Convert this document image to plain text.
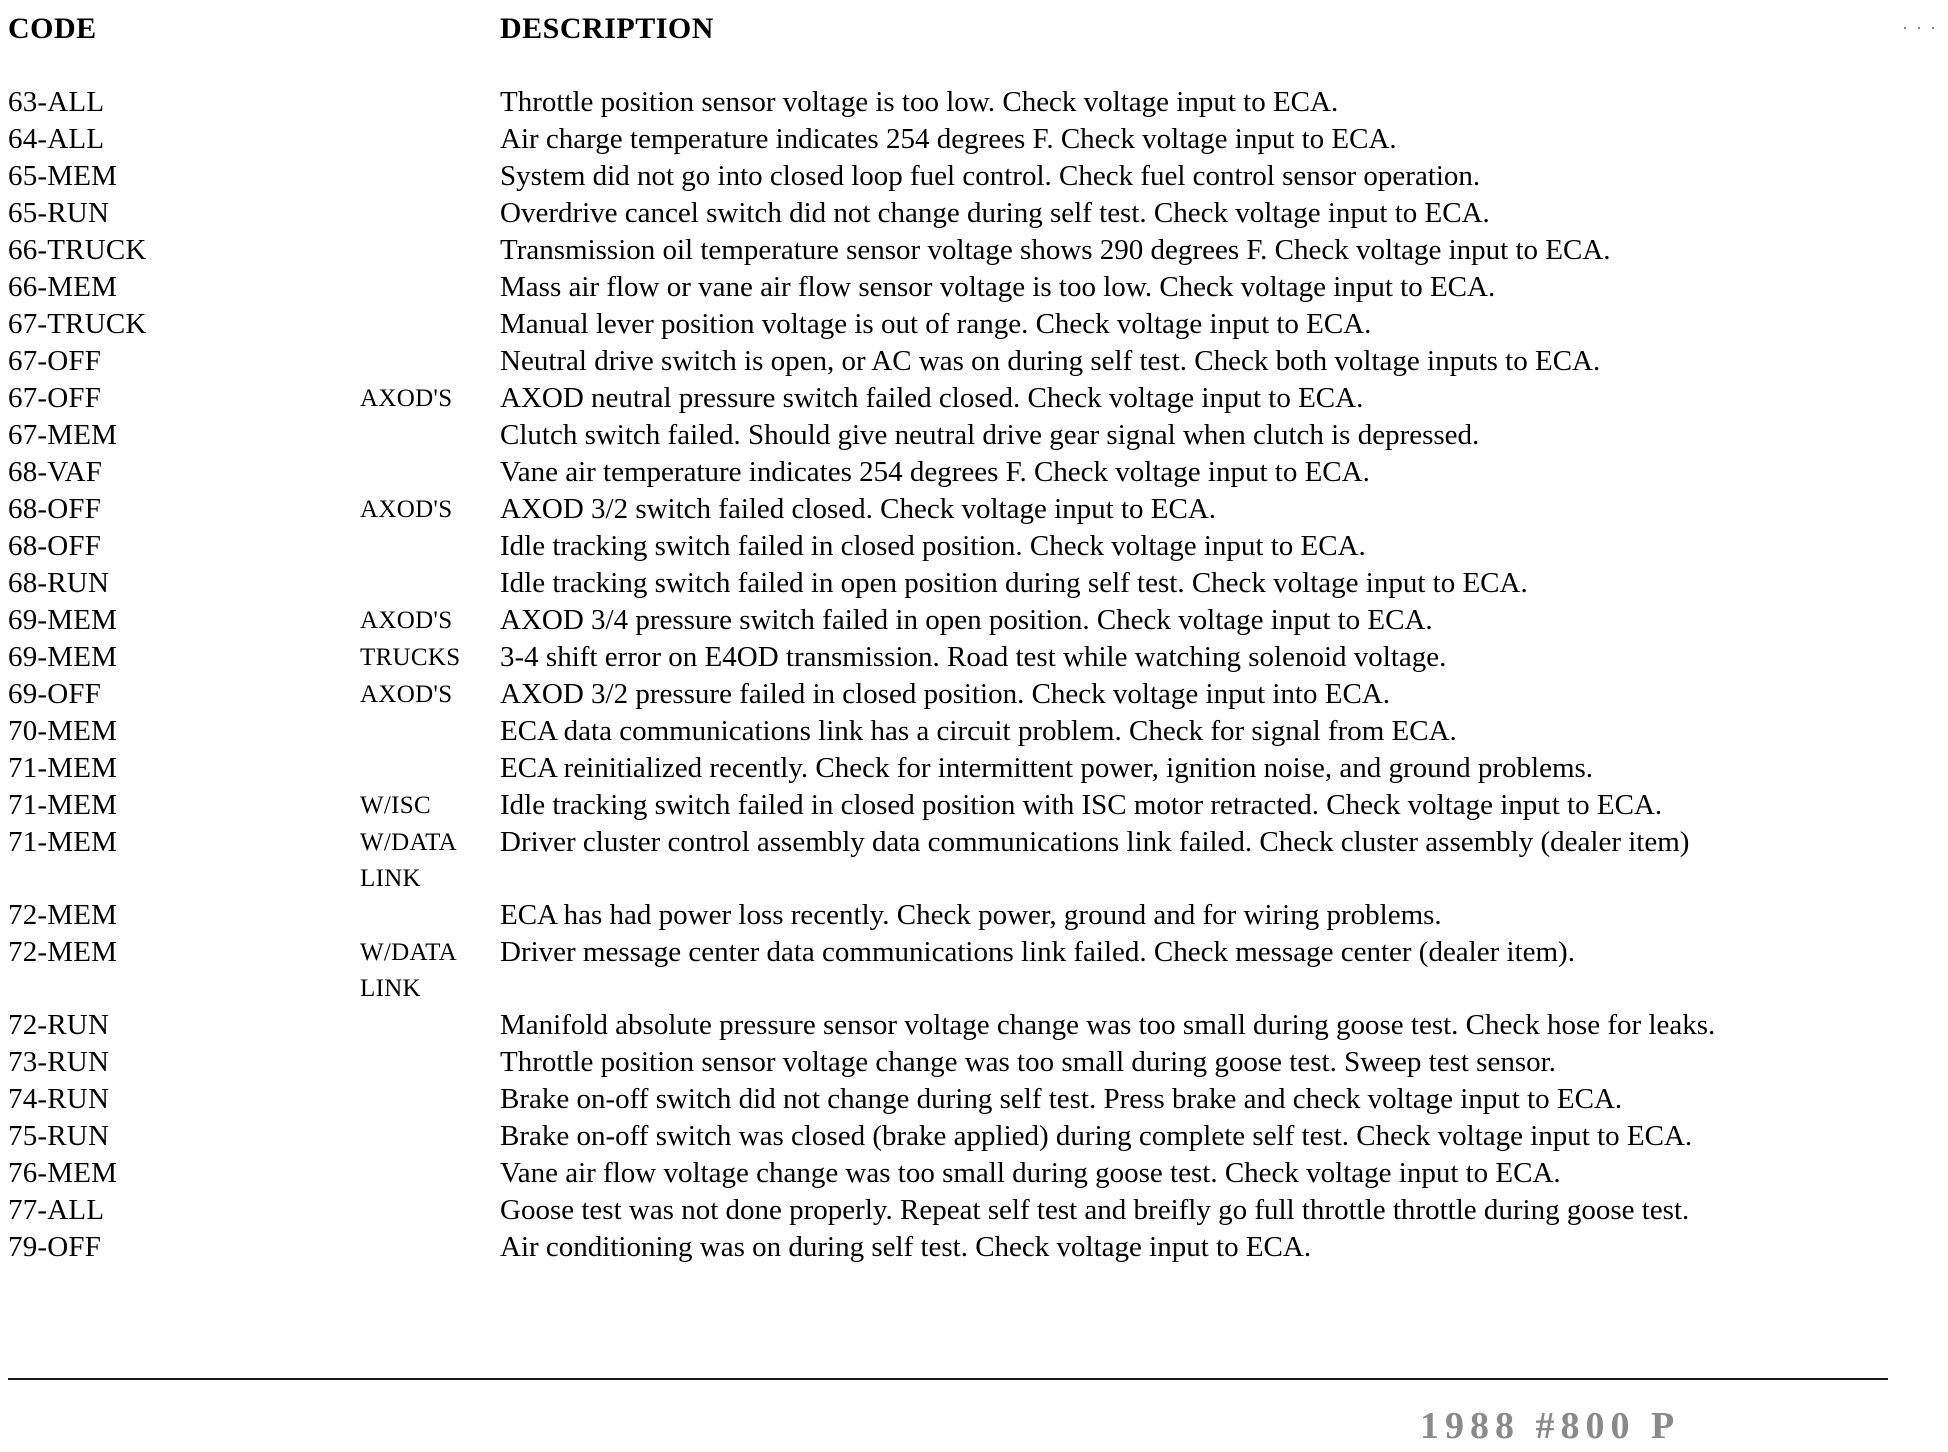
. . .
CODE		DESCRIPTION

63-ALL		Throttle position sensor voltage is too low. Check voltage input to ECA.

64-ALL		Air charge temperature indicates 254 degrees F. Check voltage input to ECA.

65-MEM		System did not go into closed loop fuel control. Check fuel control sensor operation.

65-RUN		Overdrive cancel switch did not change during self test. Check voltage input to ECA.

66-TRUCK		Transmission oil temperature sensor voltage shows 290 degrees F. Check voltage input to ECA.

66-MEM		Mass air flow or vane air flow sensor voltage is too low. Check voltage input to ECA.

67-TRUCK		Manual lever position voltage is out of range. Check voltage input to ECA.

67-OFF		Neutral drive switch is open, or AC was on during self test. Check both voltage inputs to ECA.

67-OFF	AXOD'S	AXOD neutral pressure switch failed closed. Check voltage input to ECA.

67-MEM		Clutch switch failed. Should give neutral drive gear signal when clutch is depressed.

68-VAF		Vane air temperature indicates 254 degrees F. Check voltage input to ECA.

68-OFF	AXOD'S	AXOD 3/2 switch failed closed. Check voltage input to ECA.

68-OFF		Idle tracking switch failed in closed position. Check voltage input to ECA.

68-RUN		Idle tracking switch failed in open position during self test. Check voltage input to ECA.

69-MEM	AXOD'S	AXOD 3/4 pressure switch failed in open position. Check voltage input to ECA.

69-MEM	TRUCKS	3-4 shift error on E4OD transmission. Road test while watching solenoid voltage.

69-OFF	AXOD'S	AXOD 3/2 pressure failed in closed position. Check voltage input into ECA.

70-MEM		ECA data communications link has a circuit problem. Check for signal from ECA.

71-MEM		ECA reinitialized recently. Check for intermittent power, ignition noise, and ground problems.

71-MEM	W/ISC	Idle tracking switch failed in closed position with ISC motor retracted. Check voltage input to ECA.

71-MEM	W/DATA	Driver cluster control assembly data communications link failed. Check cluster assembly (dealer item)

	LINK	
72-MEM		ECA has had power loss recently. Check power, ground and for wiring problems.

72-MEM	W/DATA	Driver message center data communications link failed. Check message center (dealer item).

	LINK	
72-RUN		Manifold absolute pressure sensor voltage change was too small during goose test. Check hose for leaks.

73-RUN		Throttle position sensor voltage change was too small during goose test. Sweep test sensor.

74-RUN		Brake on-off switch did not change during self test. Press brake and check voltage input to ECA.

75-RUN		Brake on-off switch was closed (brake applied) during complete self test. Check voltage input to ECA.

76-MEM		Vane air flow voltage change was too small during goose test. Check voltage input to ECA.

77-ALL		Goose test was not done properly. Repeat self test and breifly go full throttle throttle during goose test.

79-OFF		Air conditioning was on during self test. Check voltage input to ECA.
1988 #800 P
